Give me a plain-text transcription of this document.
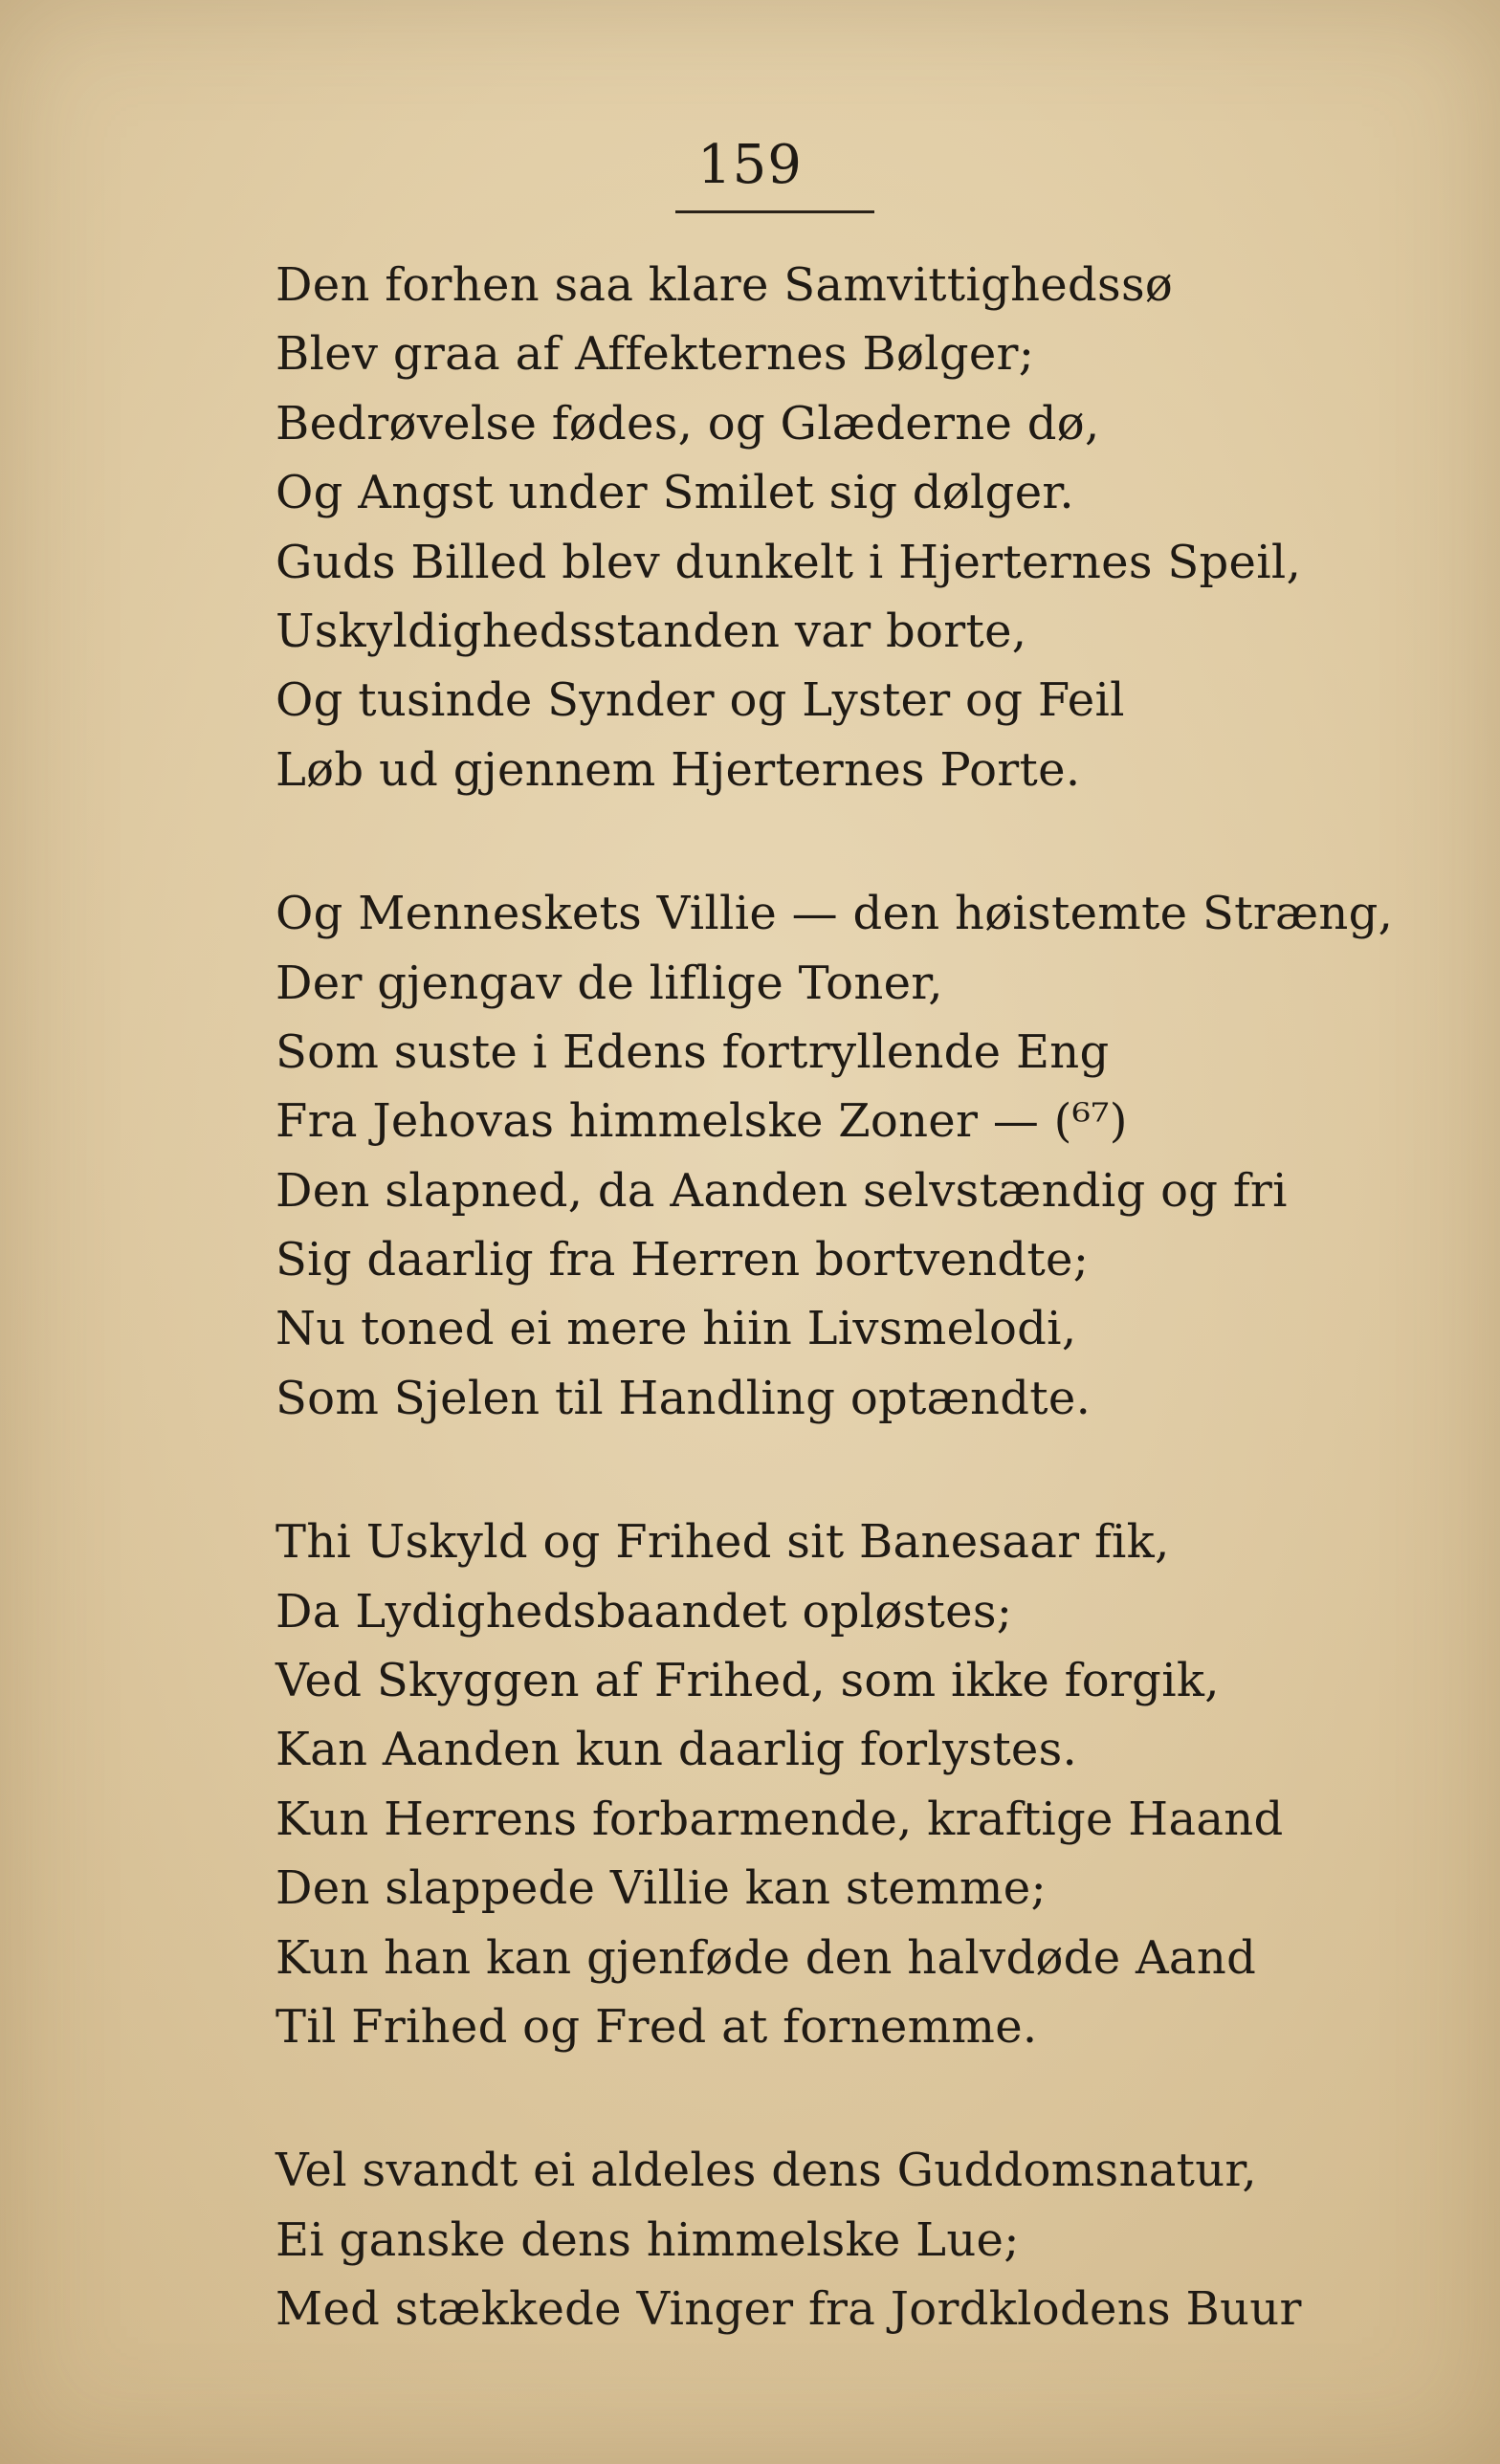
159
Den forhen saa klare Samvittighedssø
Blev graa af Affekternes Bølger;
Bedrøvelse fødes, og Glæderne dø,
Og Angst under Smilet sig dølger.
Guds Billed blev dunkelt i Hjerternes Speil,
Uskyldighedsstanden var borte,
Og tusinde Synder og Lyster og Feil
Løb ud gjennem Hjerternes Porte.
Og Menneskets Villie — den høistemte Stræng,
Der gjengav de liflige Toner,
Som suste i Edens fortryllende Eng
Fra Jehovas himmelske Zoner — (⁶⁷)
Den slapned, da Aanden selvstændig og fri
Sig daarlig fra Herren bortvendte;
Nu toned ei mere hiin Livsmelodi,
Som Sjelen til Handling optændte.
Thi Uskyld og Frihed sit Banesaar fik,
Da Lydighedsbaandet opløstes;
Ved Skyggen af Frihed, som ikke forgik,
Kan Aanden kun daarlig forlystes.
Kun Herrens forbarmende, kraftige Haand
Den slappede Villie kan stemme;
Kun han kan gjenføde den halvdøde Aand
Til Frihed og Fred at fornemme.
Vel svandt ei aldeles dens Guddomsnatur,
Ei ganske dens himmelske Lue;
Med stækkede Vinger fra Jordklodens Buur
